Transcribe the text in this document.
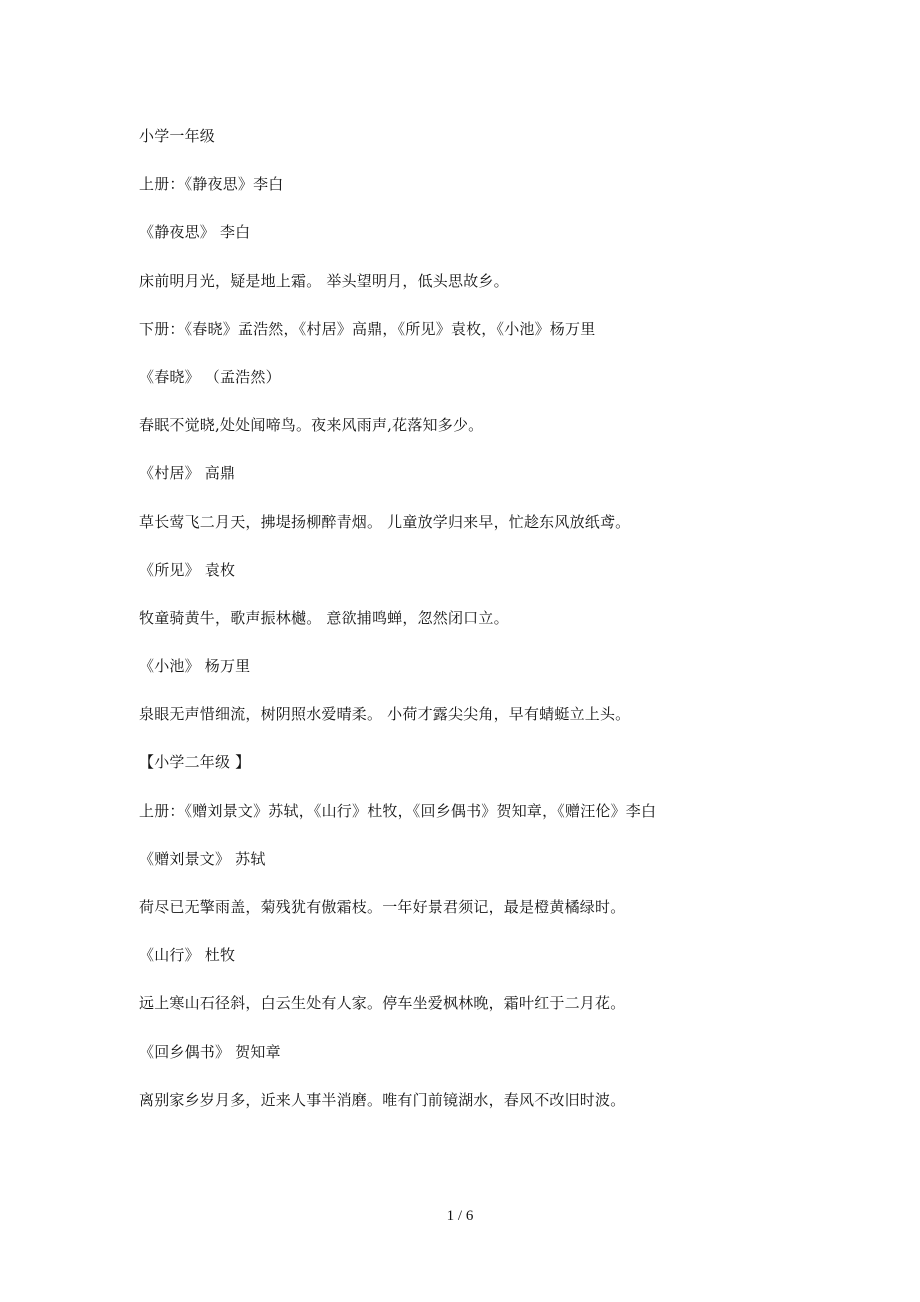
小学一年级
上册：《静夜思》李白
《静夜思》 李白
床前明月光，疑是地上霜。 举头望明月，低头思故乡。
下册：《春晓》孟浩然，《村居》高鼎，《所见》袁枚，《小池》杨万里
《春晓》 （孟浩然）
春眠不觉晓,处处闻啼鸟。夜来风雨声,花落知多少。
《村居》 高鼎
草长莺飞二月天，拂堤扬柳醉青烟。 儿童放学归来早，忙趁东风放纸鸢。
《所见》 袁枚
牧童骑黄牛，歌声振林樾。 意欲捕鸣蝉，忽然闭口立。
《小池》 杨万里
泉眼无声惜细流，树阴照水爱晴柔。 小荷才露尖尖角，早有蜻蜓立上头。
【小学二年级 】
上册：《赠刘景文》苏轼，《山行》杜牧，《回乡偶书》贺知章，《赠汪伦》李白
《赠刘景文》 苏轼
荷尽已无擎雨盖，菊残犹有傲霜枝。一年好景君须记，最是橙黄橘绿时。
《山行》 杜牧
远上寒山石径斜，白云生处有人家。停车坐爱枫林晚，霜叶红于二月花。
《回乡偶书》 贺知章
离别家乡岁月多，近来人事半消磨。唯有门前镜湖水，春风不改旧时波。
1 / 6
